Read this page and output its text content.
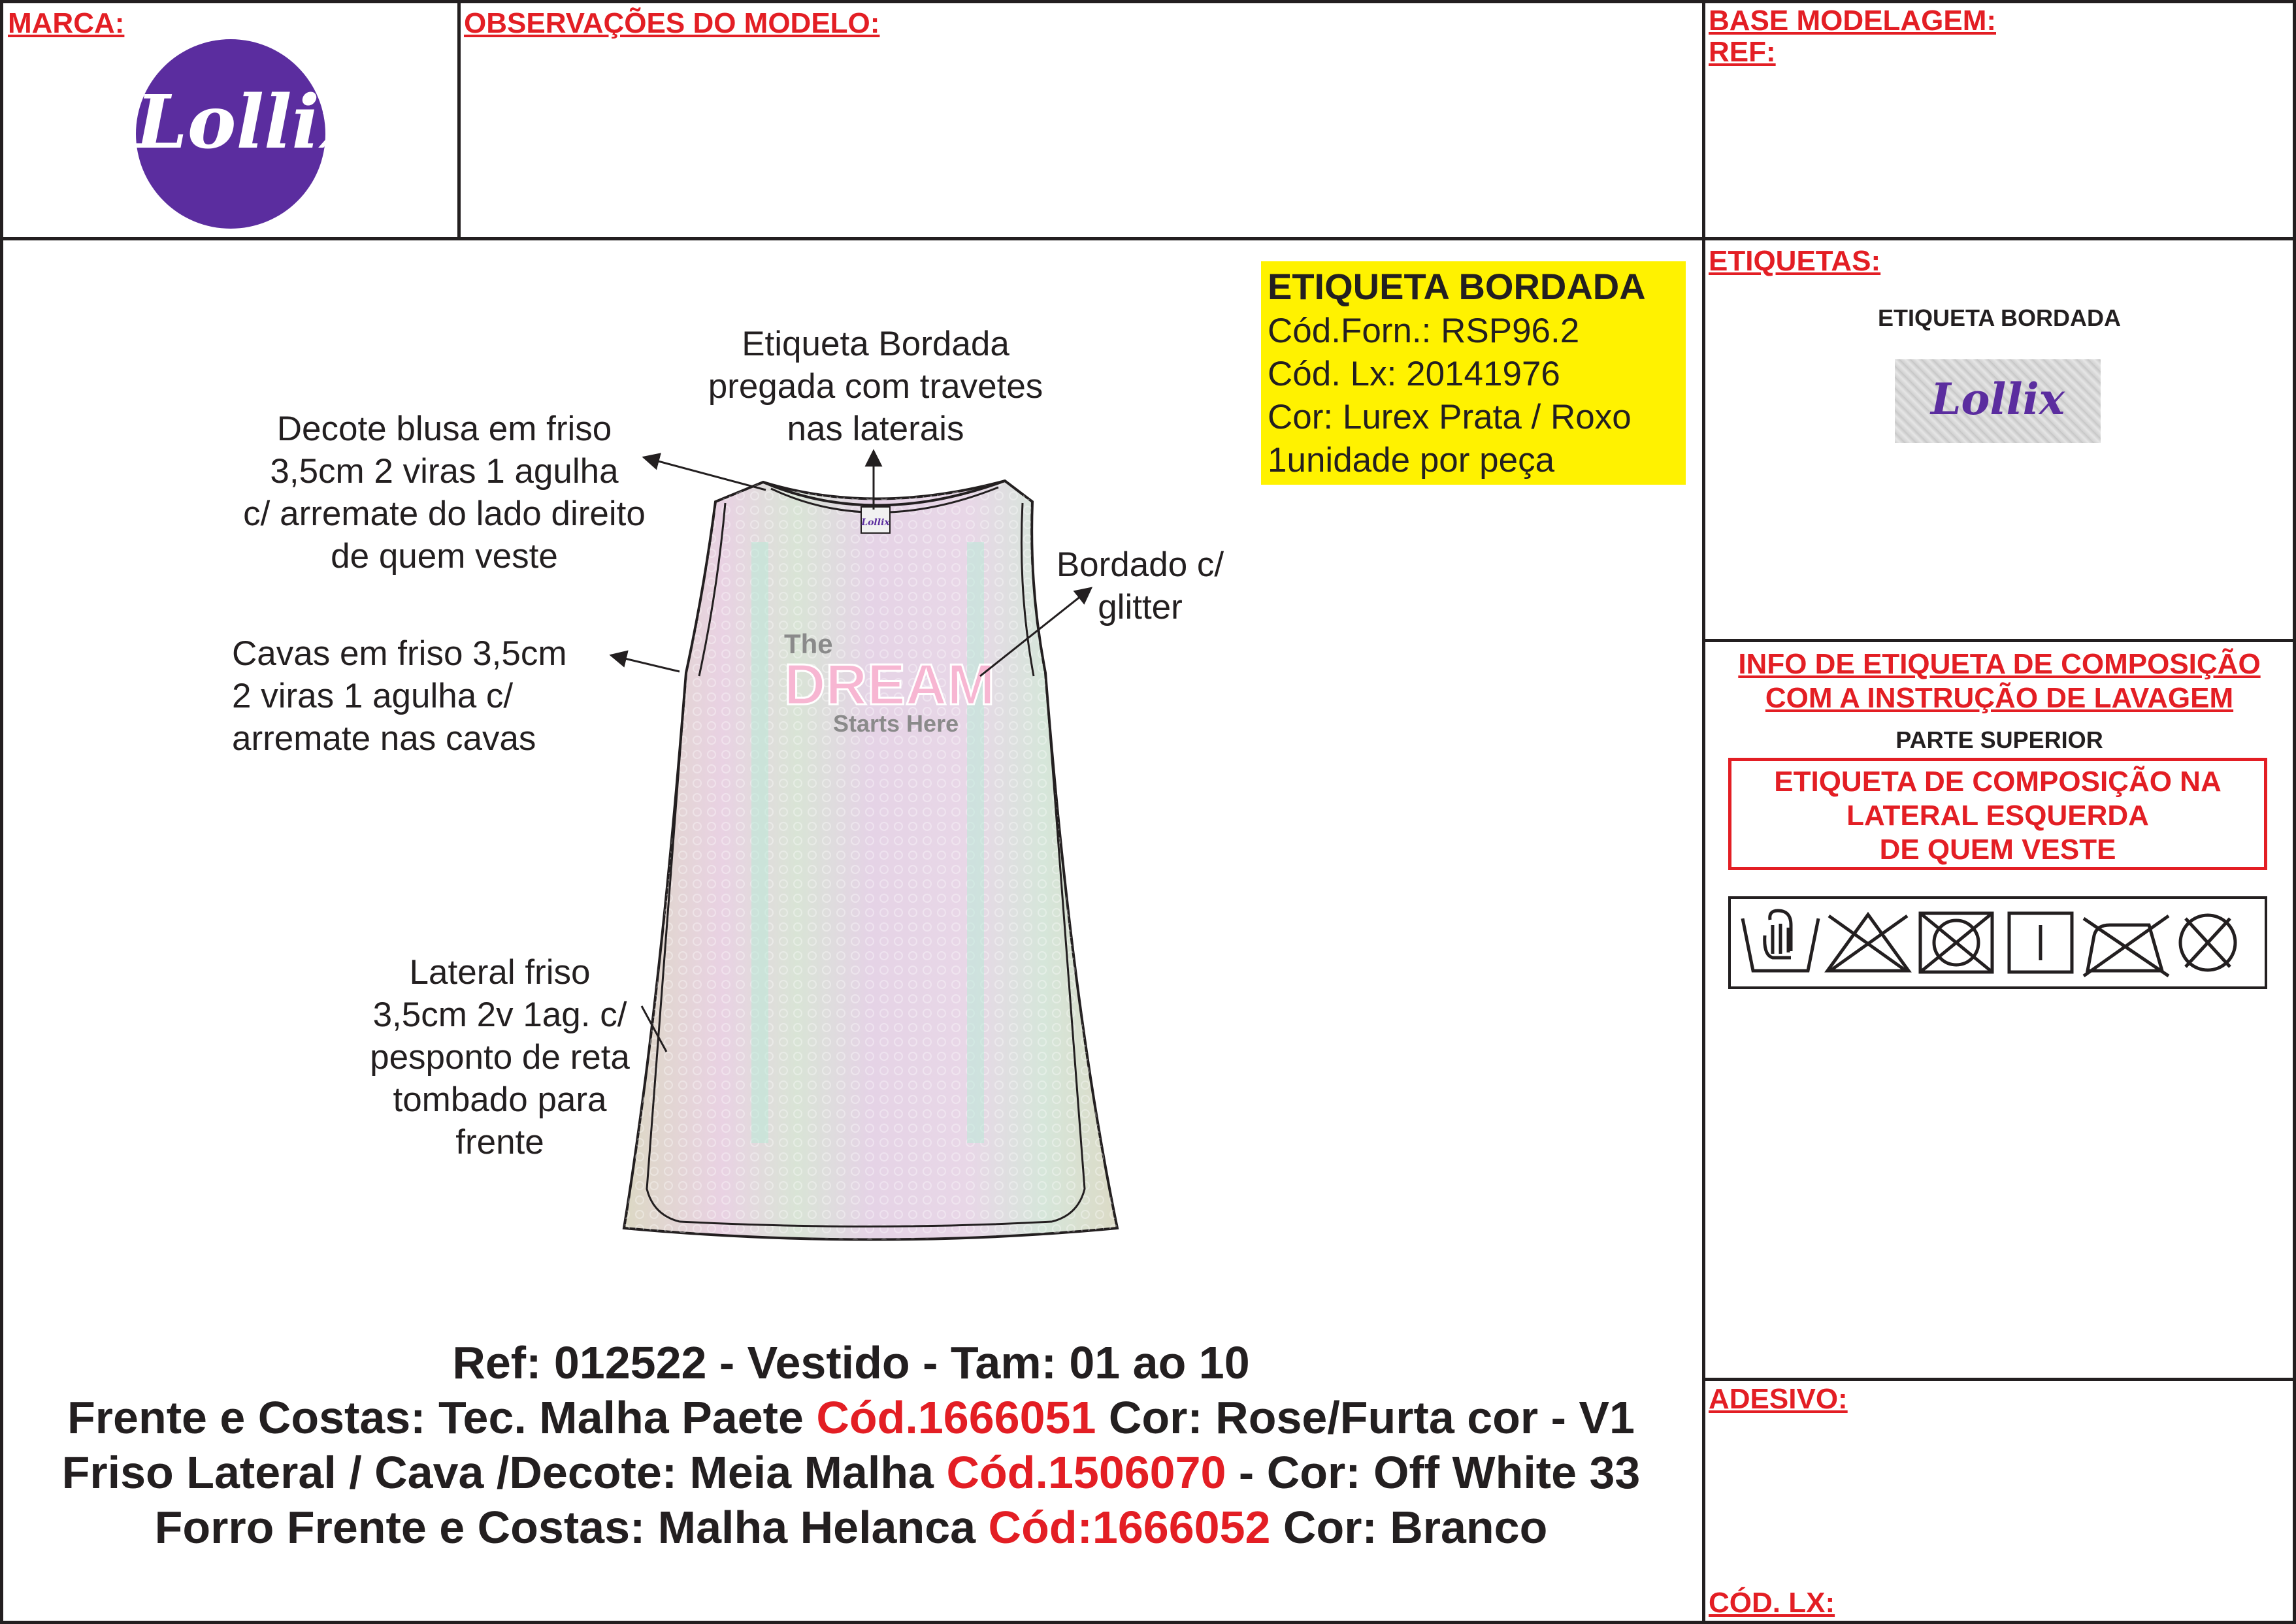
MARCA:	OBSERVAÇÕES DO MODELO:	BASE MODELAGEM:
REF:
Lollix
Lollix
The
DREAM
Starts Here
Etiqueta Bordada
pregada com travetes
nas laterais
Decote blusa em friso
3,5cm 2 viras 1 agulha
c/ arremate do lado direito
de quem veste	Bordado c/
glitter
Cavas em friso 3,5cm
2 viras 1 agulha c/
arremate nas cavas
Lateral friso
3,5cm 2v 1ag. c/
pesponto de reta
tombado para
frente
ETIQUETA BORDADA
Cód.Forn.: RSP96.2
Cód. Lx: 20141976
Cor: Lurex Prata / Roxo
1unidade por peça
Ref: 012522 - Vestido - Tam: 01 ao 10
Frente e Costas: Tec. Malha Paete Cód.1666051 Cor: Rose/Furta cor - V1
Friso Lateral / Cava /Decote: Meia Malha Cód.1506070 - Cor: Off White 33
Forro Frente e Costas: Malha Helanca Cód:1666052 Cor: Branco
ETIQUETAS:
ETIQUETA BORDADA
Lollix
INFO DE ETIQUETA DE COMPOSIÇÃO
COM A INSTRUÇÃO DE LAVAGEM
PARTE SUPERIOR
ETIQUETA DE COMPOSIÇÃO NA
LATERAL ESQUERDA
DE QUEM VESTE
ADESIVO:
CÓD. LX:
